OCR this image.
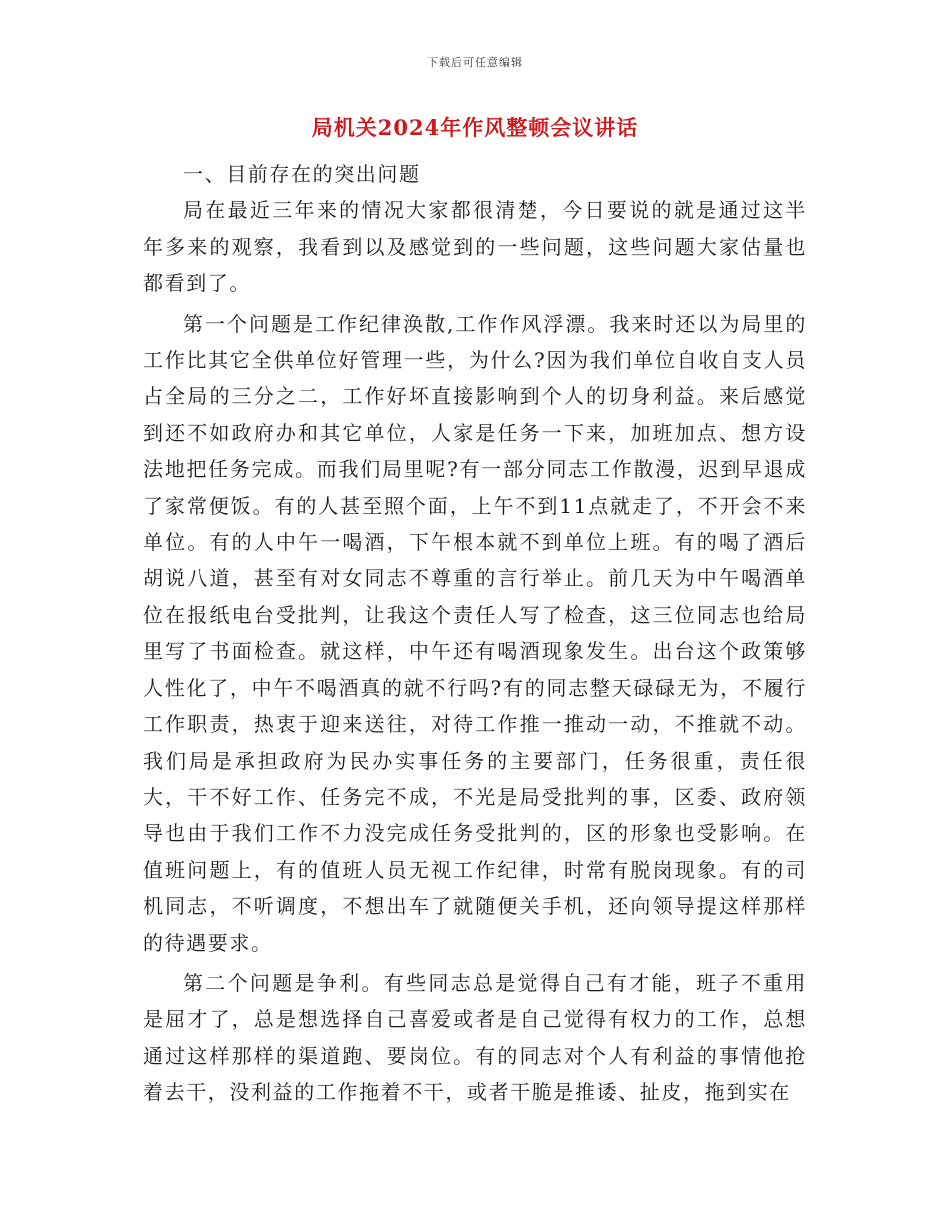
下载后可任意编辑
局机关2024年作风整顿会议讲话

一、目前存在的突出问题

局在最近三年来的情况大家都很清楚，今日要说的就是通过这半年多来的观察，我看到以及感觉到的一些问题，这些问题大家估量也都看到了。

第一个问题是工作纪律涣散,工作作风浮漂。我来时还以为局里的工作比其它全供单位好管理一些，为什么?因为我们单位自收自支人员占全局的三分之二，工作好坏直接影响到个人的切身利益。来后感觉到还不如政府办和其它单位，人家是任务一下来，加班加点、想方设法地把任务完成。而我们局里呢?有一部分同志工作散漫，迟到早退成了家常便饭。有的人甚至照个面，上午不到11点就走了，不开会不来单位。有的人中午一喝酒，下午根本就不到单位上班。有的喝了酒后胡说八道，甚至有对女同志不尊重的言行举止。前几天为中午喝酒单位在报纸电台受批判，让我这个责任人写了检查，这三位同志也给局里写了书面检查。就这样，中午还有喝酒现象发生。出台这个政策够人性化了，中午不喝酒真的就不行吗?有的同志整天碌碌无为，不履行工作职责，热衷于迎来送往，对待工作推一推动一动，不推就不动。我们局是承担政府为民办实事任务的主要部门，任务很重，责任很大，干不好工作、任务完不成，不光是局受批判的事，区委、政府领导也由于我们工作不力没完成任务受批判的，区的形象也受影响。在值班问题上，有的值班人员无视工作纪律，时常有脱岗现象。有的司机同志，不听调度，不想出车了就随便关手机，还向领导提这样那样的待遇要求。

第二个问题是争利。有些同志总是觉得自己有才能，班子不重用是屈才了，总是想选择自己喜爱或者是自己觉得有权力的工作，总想通过这样那样的渠道跑、要岗位。有的同志对个人有利益的事情他抢着去干，没利益的工作拖着不干，或者干脆是推诿、扯皮，拖到实在
